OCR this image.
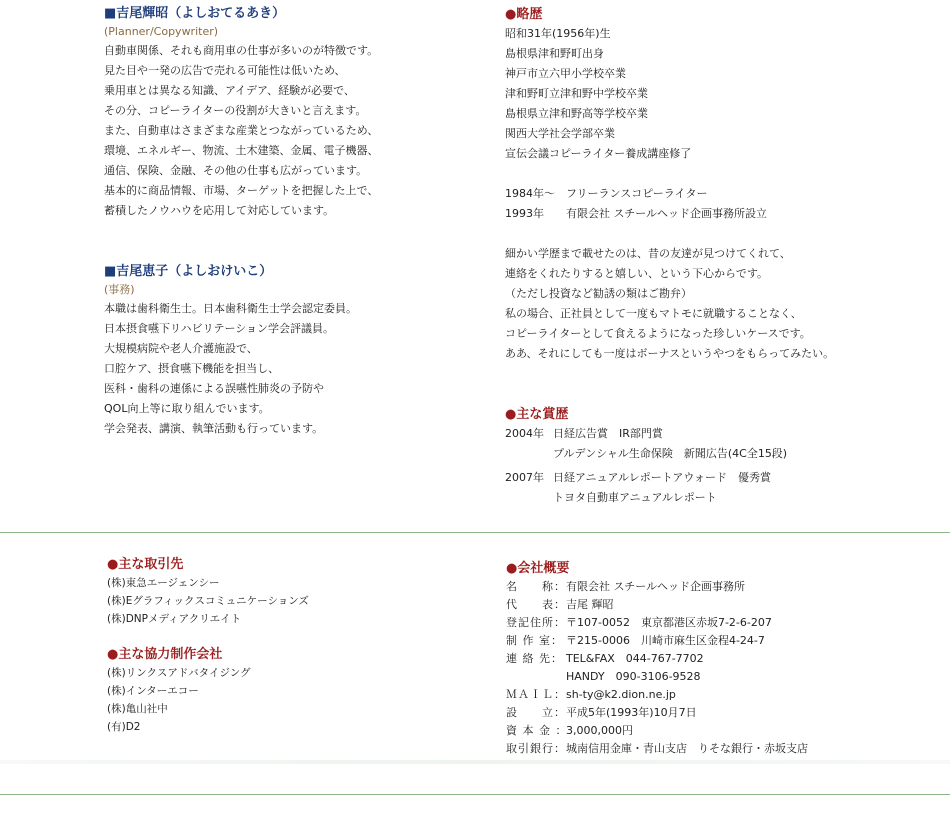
■吉尾輝昭（よしおてるあき）
(Planner/Copywriter)
自動車関係、それも商用車の仕事が多いのが特徴です。
見た目や一発の広告で売れる可能性は低いため、
乗用車とは異なる知識、アイデア、経験が必要で、
その分、コピーライターの役割が大きいと言えます。
また、自動車はさまざまな産業とつながっているため、
環境、エネルギー、物流、土木建築、金属、電子機器、
通信、保険、金融、その他の仕事も広がっています。
基本的に商品情報、市場、ターゲットを把握した上で、
蓄積したノウハウを応用して対応しています。
■吉尾恵子（よしおけいこ）
(事務)
本職は歯科衛生士。日本歯科衛生士学会認定委員。
日本摂食嚥下リハビリテーション学会評議員。
大規模病院や老人介護施設で、
口腔ケア、摂食嚥下機能を担当し、
医科・歯科の連係による誤嚥性肺炎の予防や
QOL向上等に取り組んでいます。
学会発表、講演、執筆活動も行っています。
●略歴
昭和31年(1956年)生
島根県津和野町出身
神戸市立六甲小学校卒業
津和野町立津和野中学校卒業
島根県立津和野高等学校卒業
関西大学社会学部卒業
宣伝会議コピーライター養成講座修了
1984年〜　フリーランスコピーライター
1993年　　有限会社 スチールヘッド企画事務所設立
細かい学歴まで載せたのは、昔の友達が見つけてくれて、
連絡をくれたりすると嬉しい、という下心からです。
（ただし投資など勧誘の類はご勘弁）
私の場合、正社員として一度もマトモに就職することなく、
コピーライターとして食えるようになった珍しいケースです。
ああ、それにしても一度はボーナスというやつをもらってみたい。
●主な賞歴
2004年 日経広告賞　IR部門賞
プルデンシャル生命保険　新聞広告(4C全15段)
2007年 日経アニュアルレポートアウォード　優秀賞
トヨタ自動車アニュアルレポート
●主な取引先
(株)東急エージェンシー
(株)Eグラフィックスコミュニケーションズ
(株)DNPメディアクリエイト
●主な協力制作会社
(株)リンクスアドバタイジング
(株)インターエコー
(株)亀山社中
(有)D2
●会社概要
名　　称： 有限会社 スチールヘッド企画事務所
代　　表： 吉尾 輝昭
登記住所： 〒107-0052　東京都港区赤坂7-2-6-207
制 作 室： 〒215-0006　川崎市麻生区金程4-24-7
連 絡 先： TEL&FAX　044-767-7702
HANDY　090-3106-9528
ＭＡＩＬ： sh-ty@k2.dion.ne.jp
設　　立： 平成5年(1993年)10月7日
資 本 金 ：
3,000,000円
取引銀行： 城南信用金庫・青山支店　りそな銀行・赤坂支店
